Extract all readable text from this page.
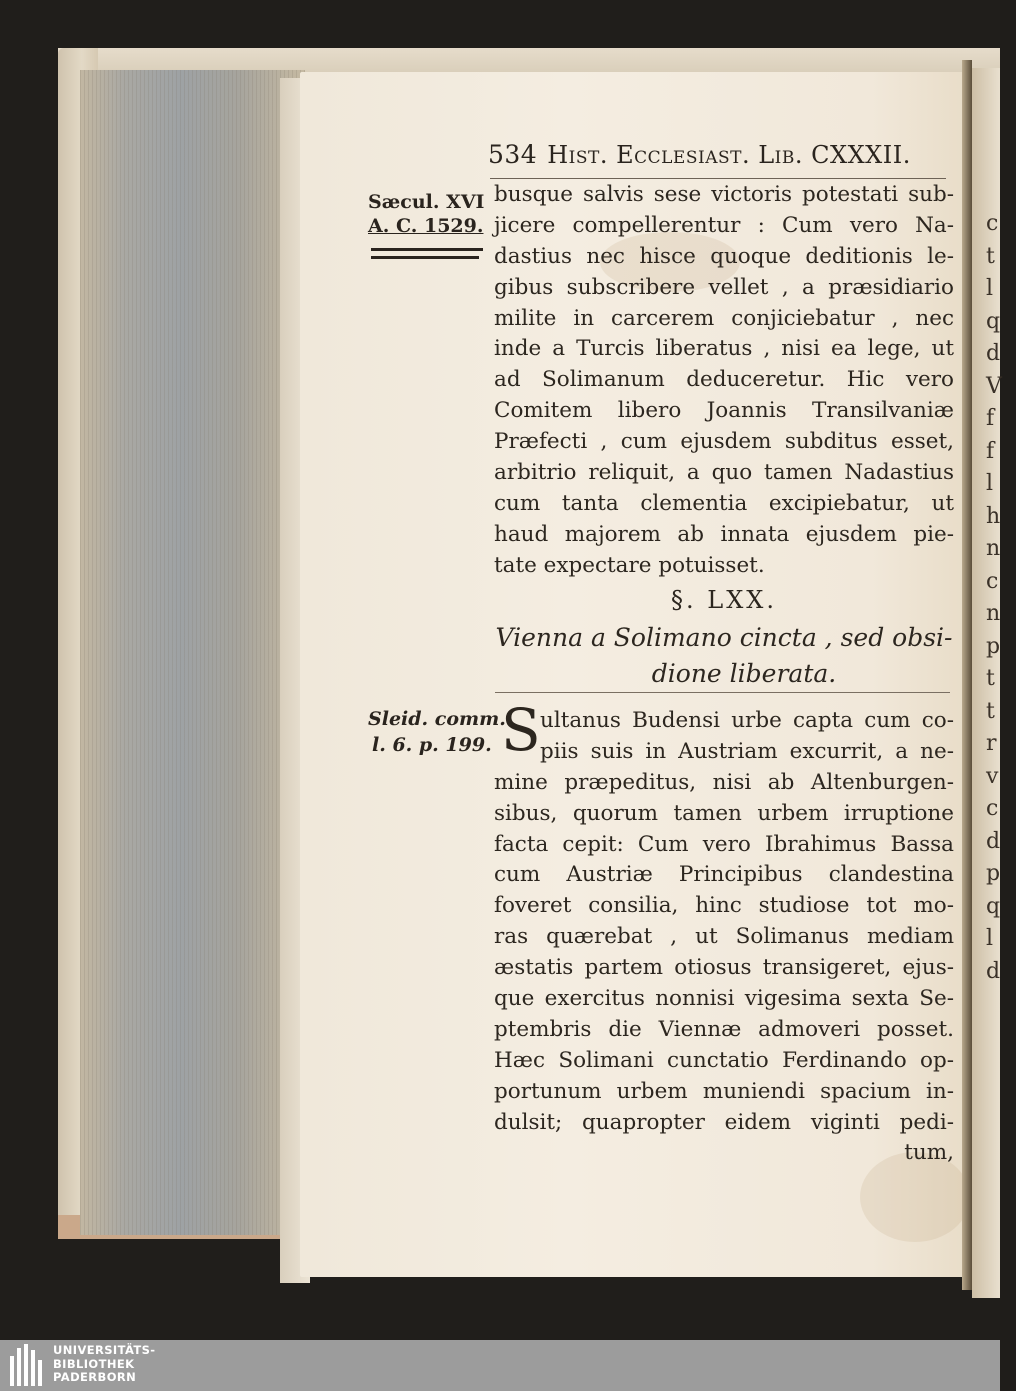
c
t
l
q
d
V
f
f
l
h
n
c
n
p
t
t
r
v
c
d
p
q
l
d
534 Hist. Ecclesiast. Lib. CXXXII.
Sæcul. XVI
A. C. 1529.
busque salvis sese victoris potestati sub-
jicere compellerentur : Cum vero Na-
dastius nec hisce quoque deditionis le-
gibus subscribere vellet , a præsidiario
milite in carcerem conjiciebatur , nec
inde a Turcis liberatus , nisi ea lege, ut
ad Solimanum deduceretur. Hic vero
Comitem libero Joannis Transilvaniæ
Præfecti , cum ejusdem subditus esset,
arbitrio reliquit, a quo tamen Nadastius
cum tanta clementia excipiebatur, ut
haud majorem ab innata ejusdem pie-
tate expectare potuisset.
§. LXX.
Vienna a Solimano cincta , sed obsi-
dione liberata.
Sleid. comm.
l. 6. p. 199. S ultanus Budensi urbe capta cum co-
piis suis in Austriam excurrit, a ne-
mine præpeditus, nisi ab Altenburgen-
sibus, quorum tamen urbem irruptione
facta cepit: Cum vero Ibrahimus Bassa
cum Austriæ Principibus clandestina
foveret consilia, hinc studiose tot mo-
ras quærebat , ut Solimanus mediam
æstatis partem otiosus transigeret, ejus-
que exercitus nonnisi vigesima sexta Se-
ptembris die Viennæ admoveri posset.
Hæc Solimani cunctatio Ferdinando op-
portunum urbem muniendi spacium in-
dulsit; quapropter eidem viginti pedi-
tum,
UNIVERSITÄTS-
BIBLIOTHEK
PADERBORN
